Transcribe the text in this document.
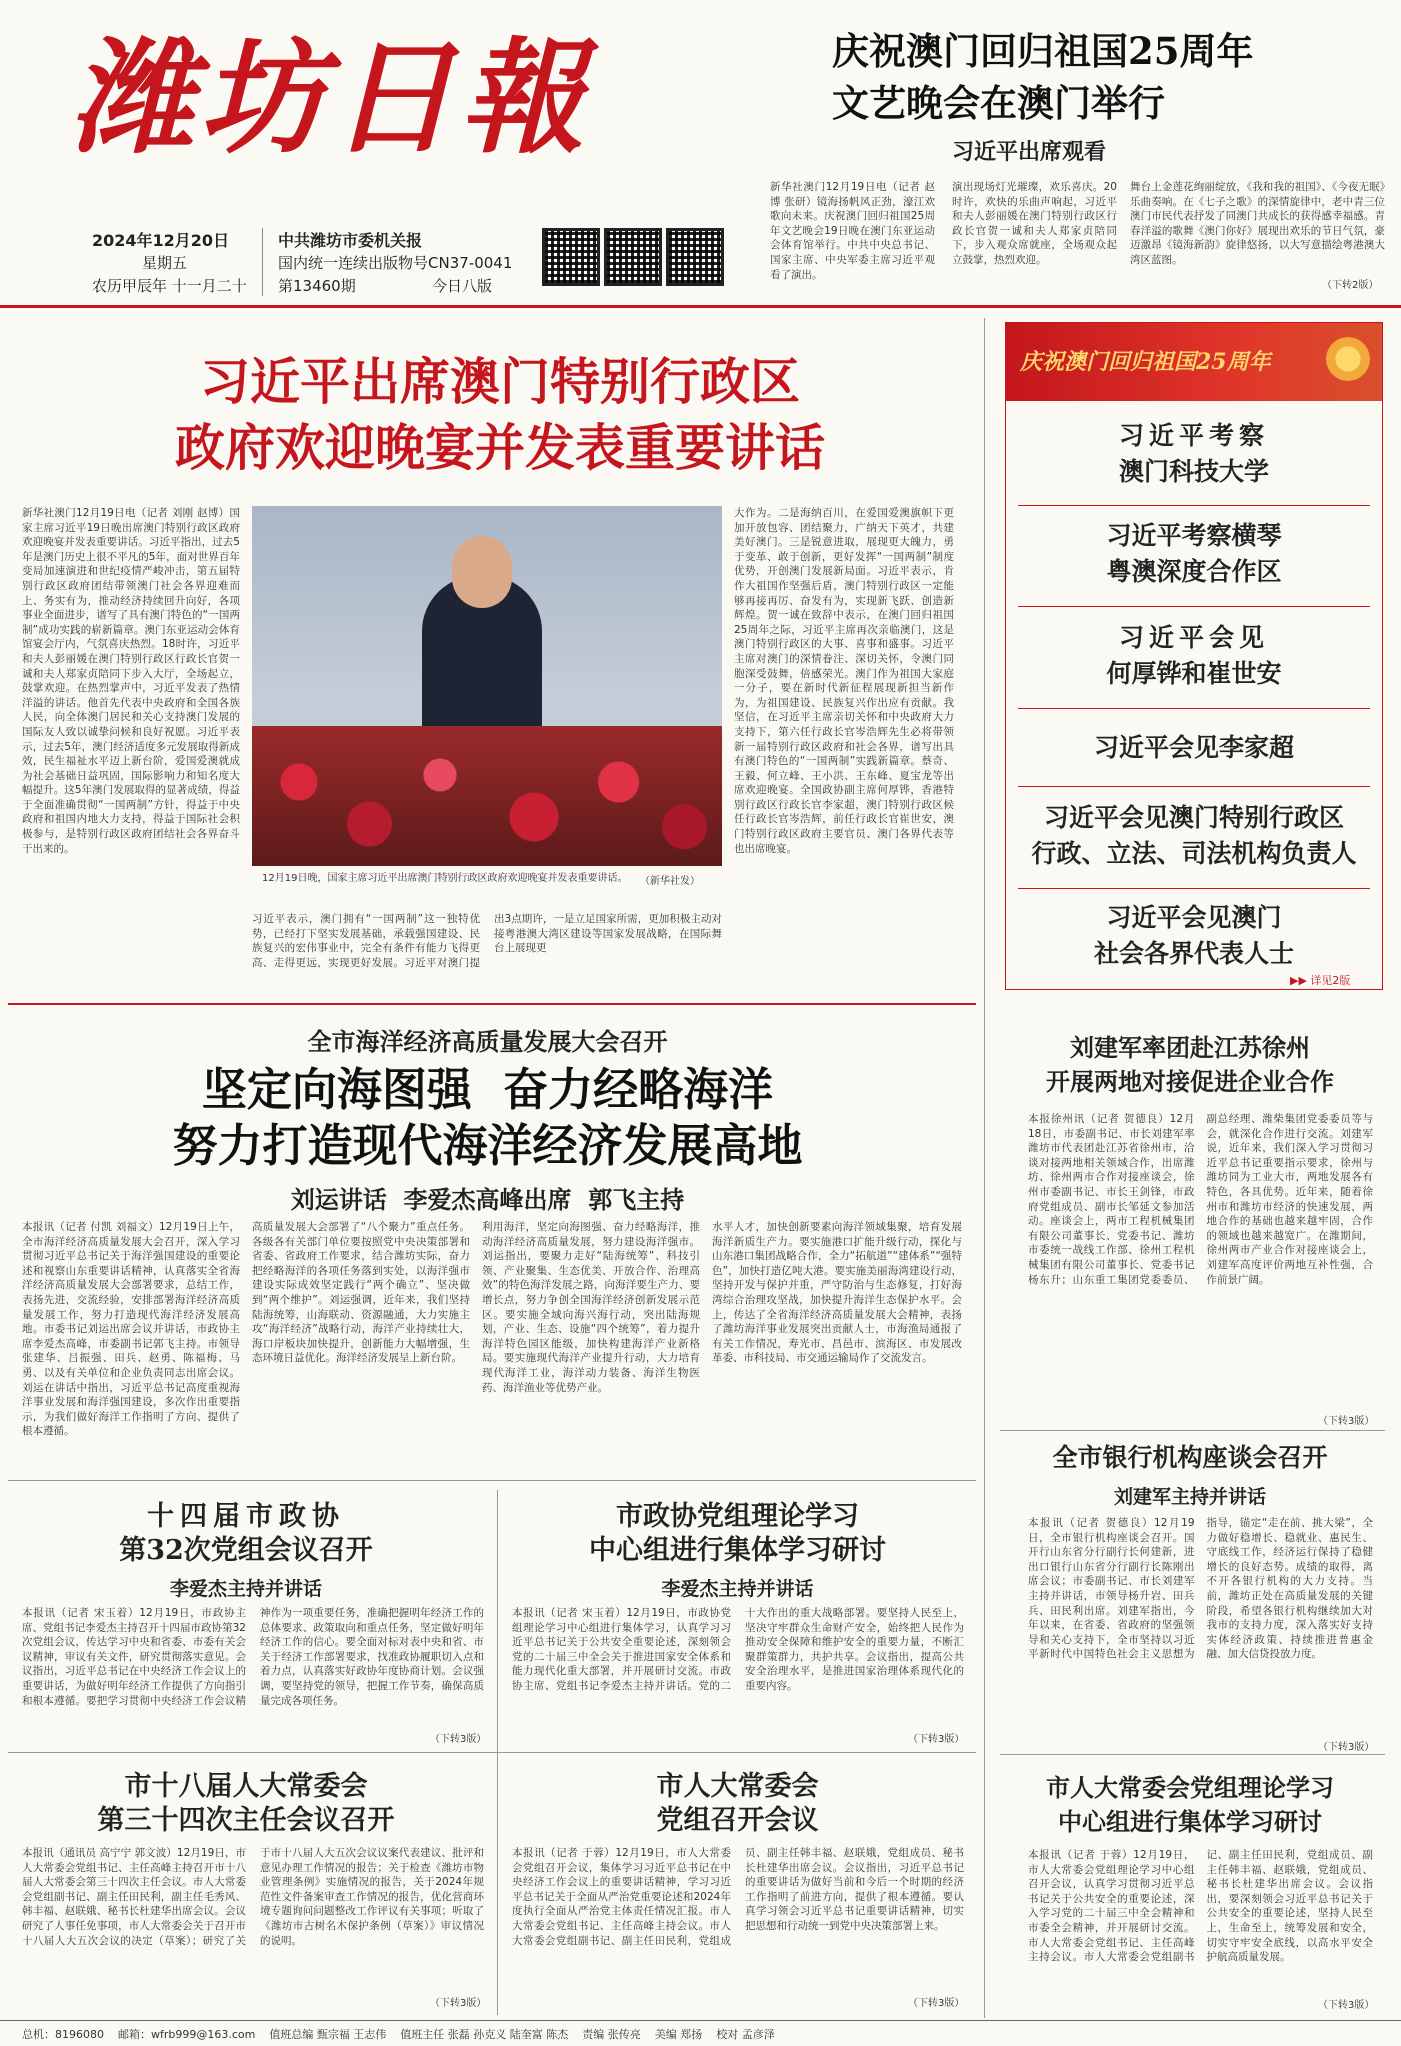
潍坊日報
2024年12月20日
星期五
农历甲辰年 十一月二十
中共潍坊市委机关报
国内统一连续出版物号CN37-0041
第13460期	今日八版
庆祝澳门回归祖国25周年
文艺晚会在澳门举行
习近平出席观看
新华社澳门12月19日电（记者 赵博 张研）镜海扬帆风正劲，濠江欢歌向未来。庆祝澳门回归祖国25周年文艺晚会19日晚在澳门东亚运动会体育馆举行。中共中央总书记、国家主席、中央军委主席习近平观看了演出。
演出现场灯光璀璨，欢乐喜庆。20时许，欢快的乐曲声响起，习近平和夫人彭丽媛在澳门特别行政区行政长官贺一诚和夫人郑家贞陪同下，步入观众席就座，全场观众起立鼓掌，热烈欢迎。
舞台上金莲花绚丽绽放，《我和我的祖国》、《今夜无眠》乐曲奏响。在《七子之歌》的深情旋律中，老中青三位澳门市民代表抒发了同澳门共成长的获得感幸福感。青春洋溢的歌舞《澳门你好》展现出欢乐的节日气氛，豪迈激昂《镜海新韵》旋律悠扬，以大写意描绘粤港澳大湾区蓝图。
（下转2版）
习近平出席澳门特别行政区
政府欢迎晚宴并发表重要讲话
新华社澳门12月19日电（记者 刘刚 赵博）国家主席习近平19日晚出席澳门特别行政区政府欢迎晚宴并发表重要讲话。习近平指出，过去5年是澳门历史上很不平凡的5年，面对世界百年变局加速演进和世纪疫情严峻冲击，第五届特别行政区政府团结带领澳门社会各界迎难而上、务实有为，推动经济持续回升向好，各项事业全面进步，谱写了具有澳门特色的“一国两制”成功实践的崭新篇章。澳门东亚运动会体育馆宴会厅内，气氛喜庆热烈。18时许，习近平和夫人彭丽媛在澳门特别行政区行政长官贺一诚和夫人郑家贞陪同下步入大厅，全场起立，鼓掌欢迎。在热烈掌声中，习近平发表了热情洋溢的讲话。他首先代表中央政府和全国各族人民，向全体澳门居民和关心支持澳门发展的国际友人致以诚挚问候和良好祝愿。习近平表示，过去5年，澳门经济适度多元发展取得新成效，民生福祉水平迈上新台阶，爱国爱澳就成为社会基础日益巩固，国际影响力和知名度大幅提升。这5年澳门发展取得的显著成绩，得益于全面准确贯彻“一国两制”方针，得益于中央政府和祖国内地大力支持，得益于国际社会积极参与，是特别行政区政府团结社会各界奋斗干出来的。
12月19日晚，国家主席习近平出席澳门特别行政区政府欢迎晚宴并发表重要讲话。	（新华社发）
习近平表示，澳门拥有“一国两制”这一独特优势，已经打下坚实发展基础，承载强国建设、民族复兴的宏伟事业中，完全有条件有能力飞得更高、走得更远，实现更好发展。习近平对澳门提出3点期许，一是立足国家所需，更加积极主动对接粤港澳大湾区建设等国家发展战略，在国际舞台上展现更
大作为。二是海纳百川，在爱国爱澳旗帜下更加开放包容、团结聚力，广纳天下英才，共建美好澳门。三是锐意进取，展现更大魄力，勇于变革、敢于创新，更好发挥“一国两制”制度优势，开创澳门发展新局面。习近平表示，肯作大祖国作坚强后盾，澳门特别行政区一定能够再接再厉、奋发有为，实现新飞跃、创造新辉煌。贺一诚在致辞中表示，在澳门回归祖国25周年之际，习近平主席再次亲临澳门，这是澳门特别行政区的大事、喜事和盛事。习近平主席对澳门的深情眷注、深切关怀，令澳门同胞深受鼓舞，倍感荣光。澳门作为祖国大家庭一分子，要在新时代新征程展现新担当新作为，为祖国建设、民族复兴作出应有贡献。我坚信，在习近平主席亲切关怀和中央政府大力支持下，第六任行政长官岑浩辉先生必将带领新一届特别行政区政府和社会各界，谱写出具有澳门特色的“一国两制”实践新篇章。蔡奇、王毅、何立峰、王小洪、王东峰、夏宝龙等出席欢迎晚宴。全国政协副主席何厚铧，香港特别行政区行政长官李家超，澳门特别行政区候任行政长官岑浩辉，前任行政长官崔世安，澳门特别行政区政府主要官员、澳门各界代表等也出席晚宴。
庆祝澳门回归祖国25周年
习近平考察
澳门科技大学
习近平考察横琴
粤澳深度合作区
习近平会见
何厚铧和崔世安
习近平会见李家超
习近平会见澳门特别行政区
行政、立法、司法机构负责人
习近平会见澳门
社会各界代表人士
▶▶ 详见2版
全市海洋经济高质量发展大会召开
坚定向海图强  奋力经略海洋
努力打造现代海洋经济发展高地
刘运讲话  李爱杰高峰出席  郭飞主持
本报讯（记者 付凯 刘福文）12月19日上午，全市海洋经济高质量发展大会召开，深入学习贯彻习近平总书记关于海洋强国建设的重要论述和视察山东重要讲话精神，认真落实全省海洋经济高质量发展大会部署要求，总结工作，表扬先进，交流经验，安排部署海洋经济高质量发展工作，努力打造现代海洋经济发展高地。市委书记刘运出席会议并讲话，市政协主席李爱杰高峰，市委副书记郭飞主持。市领导张建华、吕振强、田兵、赵勇、陈福梅、马勇、以及有关单位和企业负责同志出席会议。刘运在讲话中指出，习近平总书记高度重视海洋事业发展和海洋强国建设，多次作出重要指示，为我们做好海洋工作指明了方向、提供了根本遵循。
高质量发展大会部署了“八个聚力”重点任务。各级各有关部门单位要按照党中央决策部署和省委、省政府工作要求，结合潍坊实际，奋力把经略海洋的各项任务落到实处，以海洋强市建设实际成效坚定践行“两个确立”、坚决做到“两个维护”。刘运强调，近年来，我们坚持陆海统筹，山海联动、资源融通，大力实施主攻“海洋经济”战略行动，海洋产业持续壮大，海口岸板块加快提升，创新能力大幅增强，生态环境日益优化。海洋经济发展呈上新台阶。
利用海洋，坚定向海图强、奋力经略海洋，推动海洋经济高质量发展，努力建设海洋强市。刘运指出，要聚力走好“陆海统筹”、科技引领、产业聚集、生态优美、开放合作、治理高效”的特色海洋发展之路，向海洋要生产力、要增长点，努力争创全国海洋经济创新发展示范区。要实施全域向海兴海行动，突出陆海规划，产业、生态、设施“四个统筹”，着力提升海洋特色园区能级，加快构建海洋产业新格局。要实施现代海洋产业提升行动，大力培育现代海洋工业，海洋动力装备、海洋生物医药、海洋渔业等优势产业。
水平人才，加快创新要素向海洋领域集聚，培育发展海洋新质生产力。要实施港口扩能升级行动，探化与山东港口集团战略合作，全力“拓航道”“建体系”“强特色”，加快打造亿吨大港。要实施美丽海湾建设行动，坚持开发与保护并重，严守防治与生态修复，打好海湾综合治理攻坚战，加快提升海洋生态保护水平。会上，传达了全省海洋经济高质量发展大会精神，表扬了潍坊海洋事业发展突出贡献人士，市海渔局通报了有关工作情况，寿光市、昌邑市、滨海区、市发展改革委、市科技局、市交通运输局作了交流发言。
十四届市政协
第32次党组会议召开
李爱杰主持并讲话
本报讯（记者 宋玉着）12月19日，市政协主席、党组书记李爱杰主持召开十四届市政协第32次党组会议，传达学习中央和省委、市委有关会议精神，审议有关文件，研究贯彻落实意见。会议指出，习近平总书记在中央经济工作会议上的重要讲话，为做好明年经济工作提供了方向指引和根本遵循。要把学习贯彻中央经济工作会议精神作为一项重要任务，准确把握明年经济工作的总体要求、政策取向和重点任务，坚定做好明年经济工作的信心。要全面对标对表中央和省、市关于经济工作部署要求，找准政协履职切入点和着力点，认真落实好政协年度协商计划。会议强调，要坚持党的领导，把握工作节奏，确保高质量完成各项任务。
（下转3版）
市政协党组理论学习
中心组进行集体学习研讨
李爱杰主持并讲话
本报讯（记者 宋玉着）12月19日，市政协党组理论学习中心组进行集体学习，认真学习习近平总书记关于公共安全重要论述，深刻领会党的二十届三中全会关于推进国家安全体系和能力现代化重大部署，并开展研讨交流。市政协主席、党组书记李爱杰主持并讲话。党的二十大作出的重大战略部署。要坚持人民至上，坚决守牢群众生命财产安全，始终把人民作为推动安全保障和维护安全的重要力量，不断汇聚群策群力，共护共享。会议指出，提高公共安全治理水平，是推进国家治理体系现代化的重要内容。
（下转3版）
市十八届人大常委会
第三十四次主任会议召开
本报讯（通讯员 高宁宁 郭文波）12月19日，市人大常委会党组书记、主任高峰主持召开市十八届人大常委会第三十四次主任会议。市人大常委会党组副书记、副主任田民利，副主任毛秀风、韩丰福、赵联娥、秘书长杜建华出席会议。会议研究了人事任免事项，市人大常委会关于召开市十八届人大五次会议的决定（草案）；研究了关于市十八届人大五次会议议案代表建议、批评和意见办理工作情况的报告；关于检查《潍坊市物业管理条例》实施情况的报告，关于2024年规范性文件备案审查工作情况的报告，优化营商环境专题询问问题整改工作评议有关事项；听取了《潍坊市古树名木保护条例（草案）》审议情况的说明。
（下转3版）
市人大常委会
党组召开会议
本报讯（记者 于蓉）12月19日，市人大常委会党组召开会议，集体学习习近平总书记在中央经济工作会议上的重要讲话精神，学习习近平总书记关于全面从严治党重要论述和2024年度执行全面从严治党主体责任情况汇报。市人大常委会党组书记、主任高峰主持会议。市人大常委会党组副书记、副主任田民利，党组成员、副主任韩丰福、赵联娥，党组成员、秘书长杜建华出席会议。会议指出，习近平总书记的重要讲话为做好当前和今后一个时期的经济工作指明了前进方向，提供了根本遵循。要认真学习领会习近平总书记重要讲话精神，切实把思想和行动统一到党中央决策部署上来。
（下转3版）
刘建军率团赴江苏徐州
开展两地对接促进企业合作
本报徐州讯（记者 贺德良）12月18日，市委副书记、市长刘建军率潍坊市代表团赴江苏省徐州市，洽谈对接两地相关领域合作，出席潍坊、徐州两市合作对接座谈会，徐州市委副书记、市长王剑锋，市政府党组成员、副市长邹延文参加活动。座谈会上，两市工程机械集团有限公司董事长、党委书记、潍坊市委统一战线工作部、徐州工程机械集团有限公司董事长、党委书记杨东升；山东重工集团党委委员、副总经理、潍柴集团党委委员等与会，就深化合作进行交流。刘建军说，近年来，我们深入学习贯彻习近平总书记重要指示要求，徐州与潍坊同为工业大市，两地发展各有特色，各具优势。近年来，随着徐州市和潍坊市经济的快速发展，两地合作的基础也越来越牢固，合作的领域也越来越宽广。在潍期间，徐州两市产业合作对接座谈会上，刘建军高度评价两地互补性强，合作前景广阔。
（下转3版）
全市银行机构座谈会召开
刘建军主持并讲话
本报讯（记者 贺德良）12月19日，全市银行机构座谈会召开。国开行山东省分行副行长何建新，进出口银行山东省分行副行长陈刚出席会议；市委副书记、市长刘建军主持并讲话，市领导杨升岩、田兵兵、田民利出席。刘建军指出，今年以来，在省委、省政府的坚强领导和关心支持下，全市坚持以习近平新时代中国特色社会主义思想为指导，锚定“走在前、挑大梁”，全力做好稳增长、稳就业、惠民生、守底线工作，经济运行保持了稳健增长的良好态势。成绩的取得，离不开各银行机构的大力支持。当前，潍坊正处在高质量发展的关键阶段，希望各银行机构继续加大对我市的支持力度，深入落实好支持实体经济政策、持续推进普惠金融、加大信贷投放力度。
（下转3版）
市人大常委会党组理论学习
中心组进行集体学习研讨
本报讯（记者 于蓉）12月19日，市人大常委会党组理论学习中心组召开会议，认真学习贯彻习近平总书记关于公共安全的重要论述，深入学习党的二十届三中全会精神和市委全会精神，并开展研讨交流。市人大常委会党组书记、主任高峰主持会议。市人大常委会党组副书记、副主任田民利，党组成员、副主任韩丰福、赵联娥，党组成员、秘书长杜建华出席会议。会议指出，要深刻领会习近平总书记关于公共安全的重要论述，坚持人民至上，生命至上，统筹发展和安全，切实守牢安全底线，以高水平安全护航高质量发展。
（下转3版）
总机：8196080    邮箱：wfrb999@163.com    值班总编 甄宗福 王志伟    值班主任 张磊 孙克义 陆奎富 陈杰    责编 张传亮    美编 郑扬    校对 孟彦泽
